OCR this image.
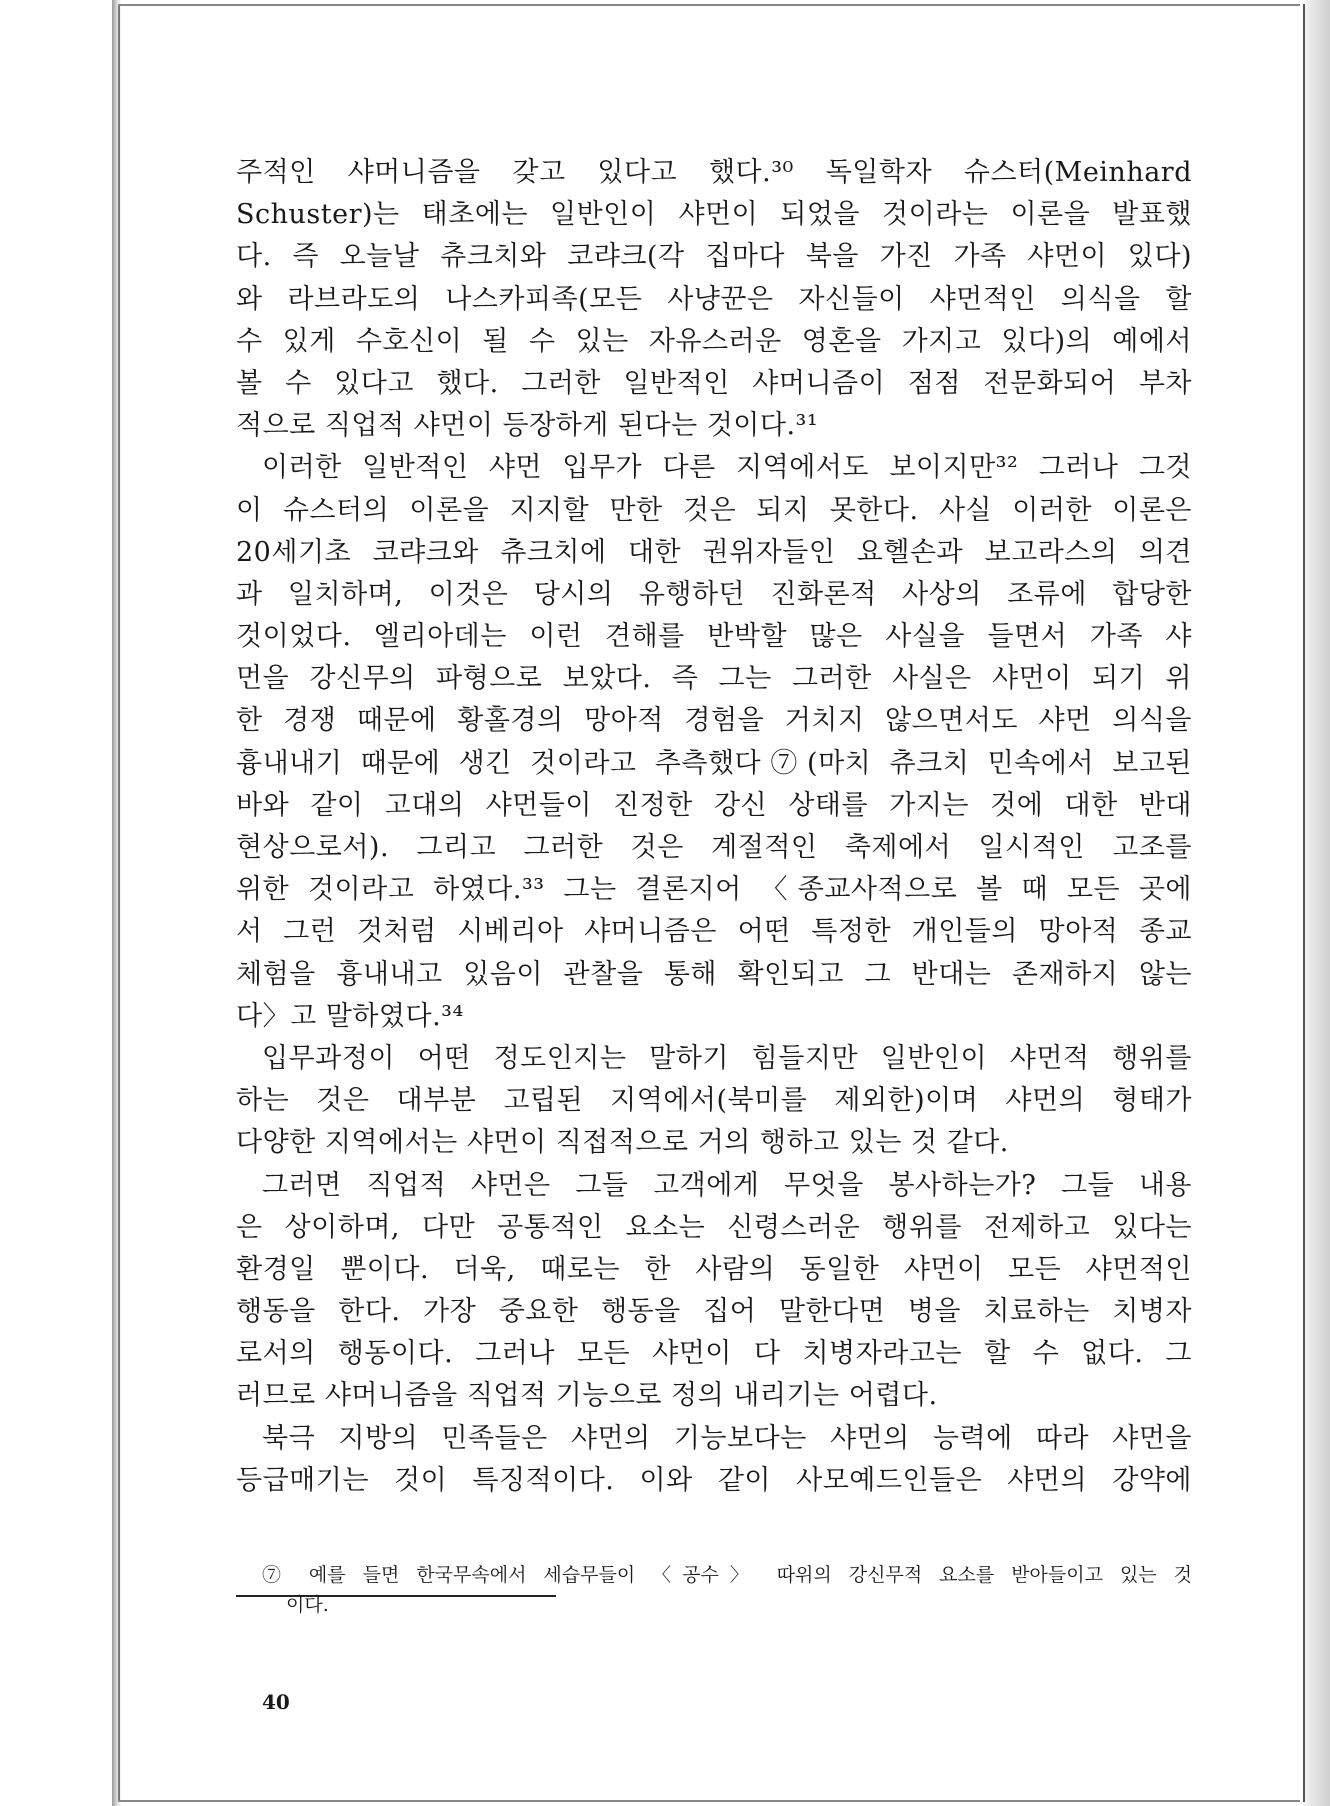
주적인 샤머니즘을 갖고 있다고 했다.³⁰ 독일학자 슈스터(Meinhard
Schuster)는 태초에는 일반인이 샤먼이 되었을 것이라는 이론을 발표했
다. 즉 오늘날 츄크치와 코랴크(각 집마다 북을 가진 가족 샤먼이 있다)
와 라브라도의 나스카피족(모든 사냥꾼은 자신들이 샤먼적인 의식을 할
수 있게 수호신이 될 수 있는 자유스러운 영혼을 가지고 있다)의 예에서
볼 수 있다고 했다. 그러한 일반적인 샤머니즘이 점점 전문화되어 부차
적으로 직업적 샤먼이 등장하게 된다는 것이다.³¹
이러한 일반적인 샤먼 입무가 다른 지역에서도 보이지만³² 그러나 그것
이 슈스터의 이론을 지지할 만한 것은 되지 못한다. 사실 이러한 이론은
20세기초 코랴크와 츄크치에 대한 권위자들인 요헬손과 보고라스의 의견
과 일치하며, 이것은 당시의 유행하던 진화론적 사상의 조류에 합당한
것이었다. 엘리아데는 이런 견해를 반박할 많은 사실을 들면서 가족 샤
먼을 강신무의 파형으로 보았다. 즉 그는 그러한 사실은 샤먼이 되기 위
한 경쟁 때문에 황홀경의 망아적 경험을 거치지 않으면서도 샤먼 의식을
흉내내기 때문에 생긴 것이라고 추측했다⑦(마치 츄크치 민속에서 보고된
바와 같이 고대의 샤먼들이 진정한 강신 상태를 가지는 것에 대한 반대
현상으로서). 그리고 그러한 것은 계절적인 축제에서 일시적인 고조를
위한 것이라고 하였다.³³ 그는 결론지어 〈종교사적으로 볼 때 모든 곳에
서 그런 것처럼 시베리아 샤머니즘은 어떤 특정한 개인들의 망아적 종교
체험을 흉내내고 있음이 관찰을 통해 확인되고 그 반대는 존재하지 않는
다〉고 말하였다.³⁴
입무과정이 어떤 정도인지는 말하기 힘들지만 일반인이 샤먼적 행위를
하는 것은 대부분 고립된 지역에서(북미를 제외한)이며 샤먼의 형태가
다양한 지역에서는 샤먼이 직접적으로 거의 행하고 있는 것 같다.
그러면 직업적 샤먼은 그들 고객에게 무엇을 봉사하는가? 그들 내용
은 상이하며, 다만 공통적인 요소는 신령스러운 행위를 전제하고 있다는
환경일 뿐이다. 더욱, 때로는 한 사람의 동일한 샤먼이 모든 샤먼적인
행동을 한다. 가장 중요한 행동을 집어 말한다면 병을 치료하는 치병자
로서의 행동이다. 그러나 모든 샤먼이 다 치병자라고는 할 수 없다. 그
러므로 샤머니즘을 직업적 기능으로 정의 내리기는 어렵다.
북극 지방의 민족들은 샤먼의 기능보다는 샤먼의 능력에 따라 샤먼을
등급매기는 것이 특징적이다. 이와 같이 사모예드인들은 샤먼의 강약에
⑦ 예를 들면 한국무속에서 세습무들이 〈공수〉 따위의 강신무적 요소를 받아들이고 있는 것
이다.
40
